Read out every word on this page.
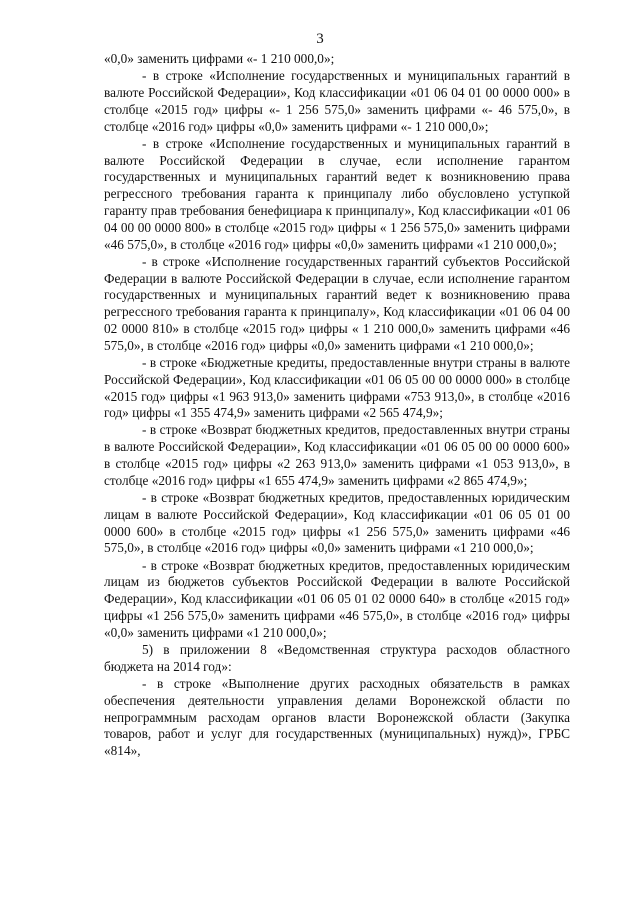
3

«0,0» заменить цифрами «- 1 210 000,0»;

- в строке «Исполнение государственных и муниципальных гарантий в валюте Российской Федерации», Код классификации «01 06 04 01 00 0000 000» в столбце «2015 год» цифры «- 1 256 575,0» заменить цифрами «- 46 575,0», в столбце «2016 год» цифры «0,0» заменить цифрами «- 1 210 000,0»;

- в строке «Исполнение государственных и муниципальных гарантий в валюте Российской Федерации в случае, если исполнение гарантом государственных и муниципальных гарантий ведет к возникновению права регрессного требования гаранта к принципалу либо обусловлено уступкой гаранту прав требования бенефициара к принципалу», Код классификации «01 06 04 00 00 0000 800» в столбце «2015 год» цифры « 1 256 575,0» заменить цифрами «46 575,0», в столбце «2016 год» цифры «0,0» заменить цифрами «1 210 000,0»;

- в строке «Исполнение государственных гарантий субъектов Российской Федерации в валюте Российской Федерации в случае, если исполнение гарантом государственных и муниципальных гарантий ведет к возникновению права регрессного требования гаранта к принципалу», Код классификации «01 06 04 00 02 0000 810» в столбце «2015 год» цифры « 1 210 000,0» заменить цифрами «46 575,0», в столбце «2016 год» цифры «0,0» заменить цифрами «1 210 000,0»;

- в строке «Бюджетные кредиты, предоставленные внутри страны в валюте Российской Федерации», Код классификации «01 06 05 00 00 0000 000» в столбце «2015 год» цифры «1 963 913,0» заменить цифрами «753 913,0», в столбце «2016 год» цифры «1 355 474,9» заменить цифрами «2 565 474,9»;

- в строке «Возврат бюджетных кредитов, предоставленных внутри страны в валюте Российской Федерации», Код классификации «01 06 05 00 00 0000 600» в столбце «2015 год» цифры «2 263 913,0» заменить цифрами «1 053 913,0», в столбце «2016 год» цифры «1 655 474,9» заменить цифрами «2 865 474,9»;

- в строке «Возврат бюджетных кредитов, предоставленных юридическим лицам в валюте Российской Федерации», Код классификации «01 06 05 01 00 0000 600» в столбце «2015 год» цифры «1 256 575,0» заменить цифрами «46 575,0», в столбце «2016 год» цифры «0,0» заменить цифрами «1 210 000,0»;

- в строке «Возврат бюджетных кредитов, предоставленных юридическим лицам из бюджетов субъектов Российской Федерации в валюте Российской Федерации», Код классификации «01 06 05 01 02 0000 640» в столбце «2015 год» цифры «1 256 575,0» заменить цифрами «46 575,0», в столбце «2016 год» цифры «0,0» заменить цифрами «1 210 000,0»;

5) в приложении 8 «Ведомственная структура расходов областного бюджета на 2014 год»:

- в строке «Выполнение других расходных обязательств в рамках обеспечения деятельности управления делами Воронежской области по непрограммным расходам органов власти Воронежской области (Закупка товаров, работ и услуг для государственных (муниципальных) нужд)», ГРБС «814»,
